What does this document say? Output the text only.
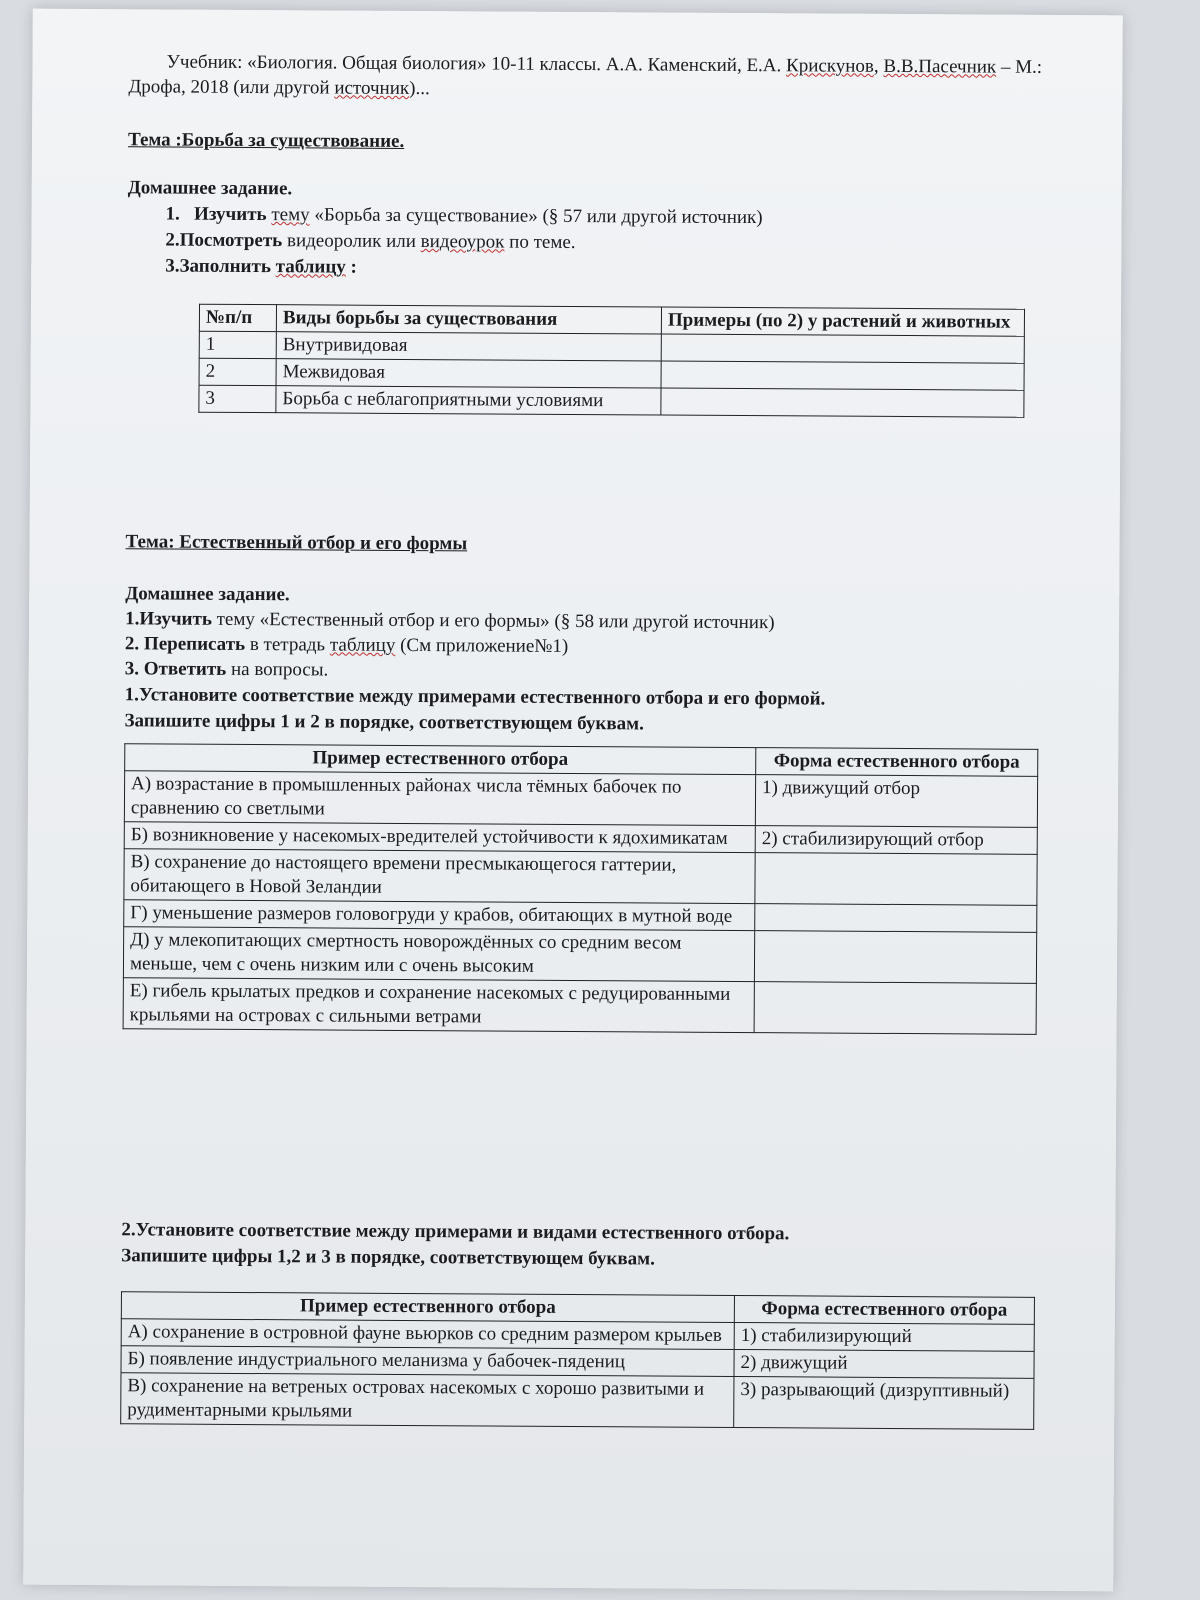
Учебник: «Биология. Общая биология» 10-11 классы. А.А. Каменский, Е.А. Крискунов, В.В.Пасечник – М.: Дрофа, 2018 (или другой источник)...
Тема :Борьба за существование.
Домашнее задание.
1. Изучить тему «Борьба за существование» (§ 57 или другой источник)
2.Посмотреть видеоролик или видеоурок по теме.
3.Заполнить таблицу :
№п/п	Виды борьбы за существования	Примеры (по 2) у растений и животных
1	Внутривидовая	
2	Межвидовая	
3	Борьба с неблагоприятными условиями	
Тема: Естественный отбор и его формы
Домашнее задание.
1.Изучить тему «Естественный отбор и его формы» (§ 58 или другой источник)
2. Переписать в тетрадь таблицу (См приложение№1)
3. Ответить на вопросы.
1.Установите соответствие между примерами естественного отбора и его формой.
Запишите цифры 1 и 2 в порядке, соответствующем буквам.
Пример естественного отбора	Форма естественного отбора
А) возрастание в промышленных районах числа тёмных бабочек по сравнению со светлыми	1) движущий отбор
Б) возникновение у насекомых-вредителей устойчивости к ядохимикатам	2) стабилизирующий отбор
В) сохранение до настоящего времени пресмыкающегося гаттерии, обитающего в Новой Зеландии	
Г) уменьшение размеров головогруди у крабов, обитающих в мутной воде	
Д) у млекопитающих смертность новорождённых со средним весом меньше, чем с очень низким или с очень высоким	
Е) гибель крылатых предков и сохранение насекомых с редуцированными крыльями на островах с сильными ветрами	
2.Установите соответствие между примерами и видами естественного отбора.
Запишите цифры 1,2 и 3 в порядке, соответствующем буквам.
Пример естественного отбора	Форма естественного отбора
А) сохранение в островной фауне вьюрков со средним размером крыльев	1) стабилизирующий
Б) появление индустриального меланизма у бабочек-пядениц	2) движущий
В) сохранение на ветреных островах насекомых с хорошо развитыми и рудиментарными крыльями	3) разрывающий (дизруптивный)
